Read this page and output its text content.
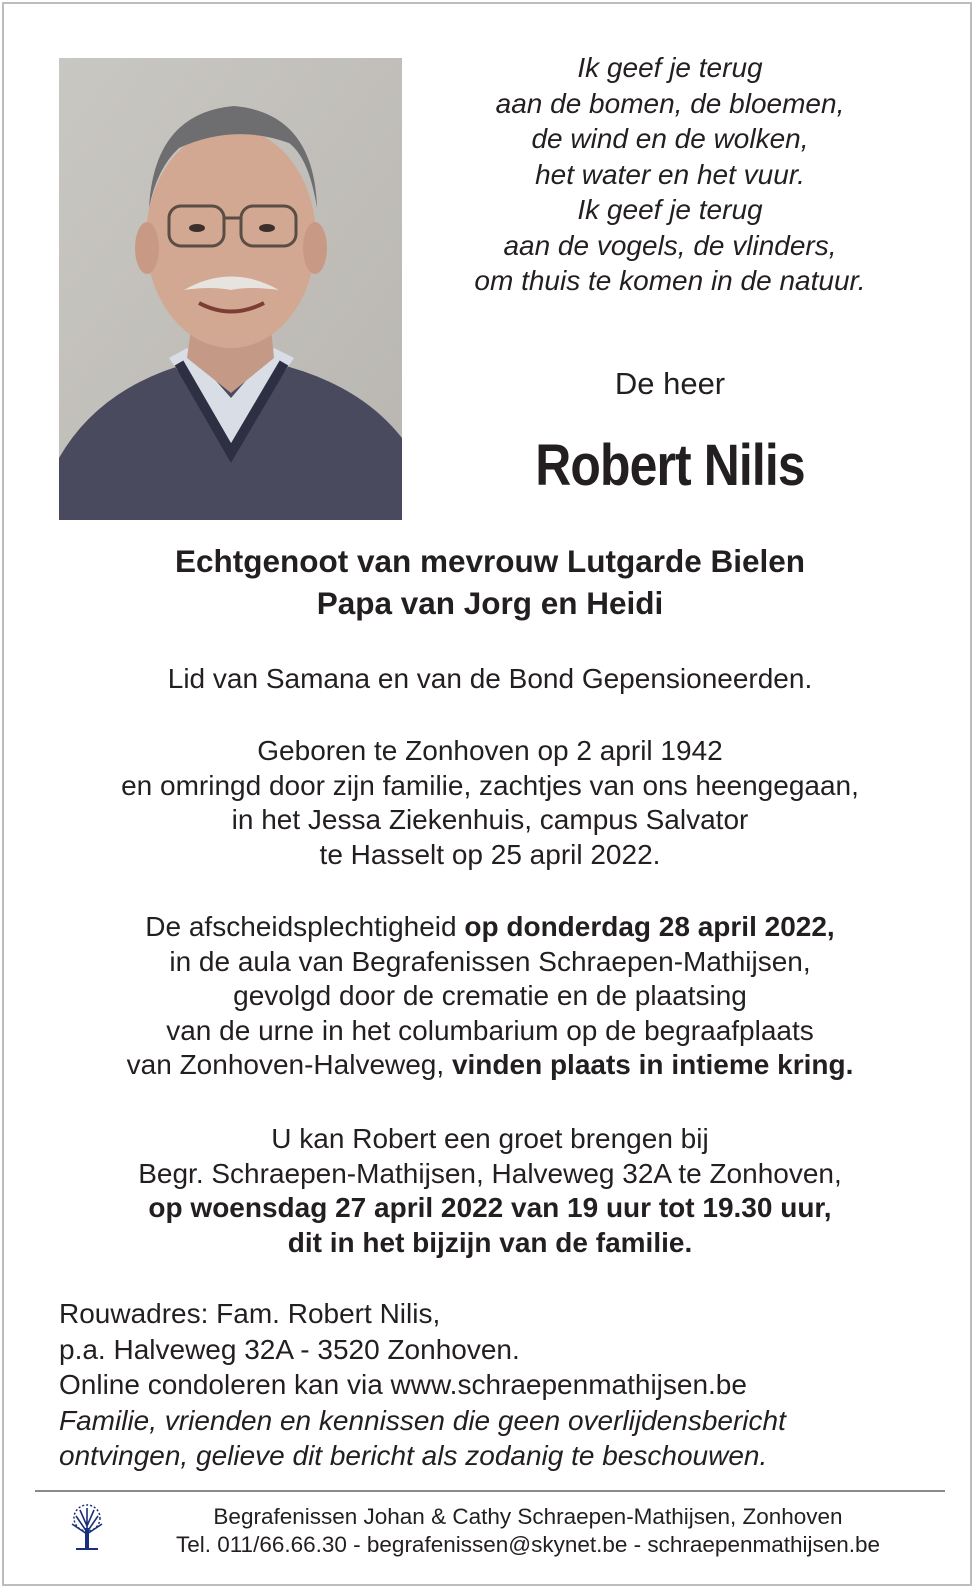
Ik geef je terug
aan de bomen, de bloemen,
de wind en de wolken,
het water en het vuur.
Ik geef je terug
aan de vogels, de vlinders,
om thuis te komen in de natuur.
De heer
Robert Nilis
Echtgenoot van mevrouw Lutgarde Bielen
Papa van Jorg en Heidi
Lid van Samana en van de Bond Gepensioneerden.
Geboren te Zonhoven op 2 april 1942
en omringd door zijn familie, zachtjes van ons heengegaan,
in het Jessa Ziekenhuis, campus Salvator
te Hasselt op 25 april 2022.
De afscheidsplechtigheid op donderdag 28 april 2022,
in de aula van Begrafenissen Schraepen-Mathijsen,
gevolgd door de crematie en de plaatsing
van de urne in het columbarium op de begraafplaats
van Zonhoven-Halveweg, vinden plaats in intieme kring.
U kan Robert een groet brengen bij
Begr. Schraepen-Mathijsen, Halveweg 32A te Zonhoven,
op woensdag 27 april 2022 van 19 uur tot 19.30 uur,
dit in het bijzijn van de familie.
Rouwadres: Fam. Robert Nilis,
p.a. Halveweg 32A - 3520 Zonhoven.
Online condoleren kan via www.schraepenmathijsen.be
Familie, vrienden en kennissen die geen overlijdensbericht
ontvingen, gelieve dit bericht als zodanig te beschouwen.
Begrafenissen Johan & Cathy Schraepen-Mathijsen, Zonhoven
Tel. 011/66.66.30 - begrafenissen@skynet.be - schraepenmathijsen.be
